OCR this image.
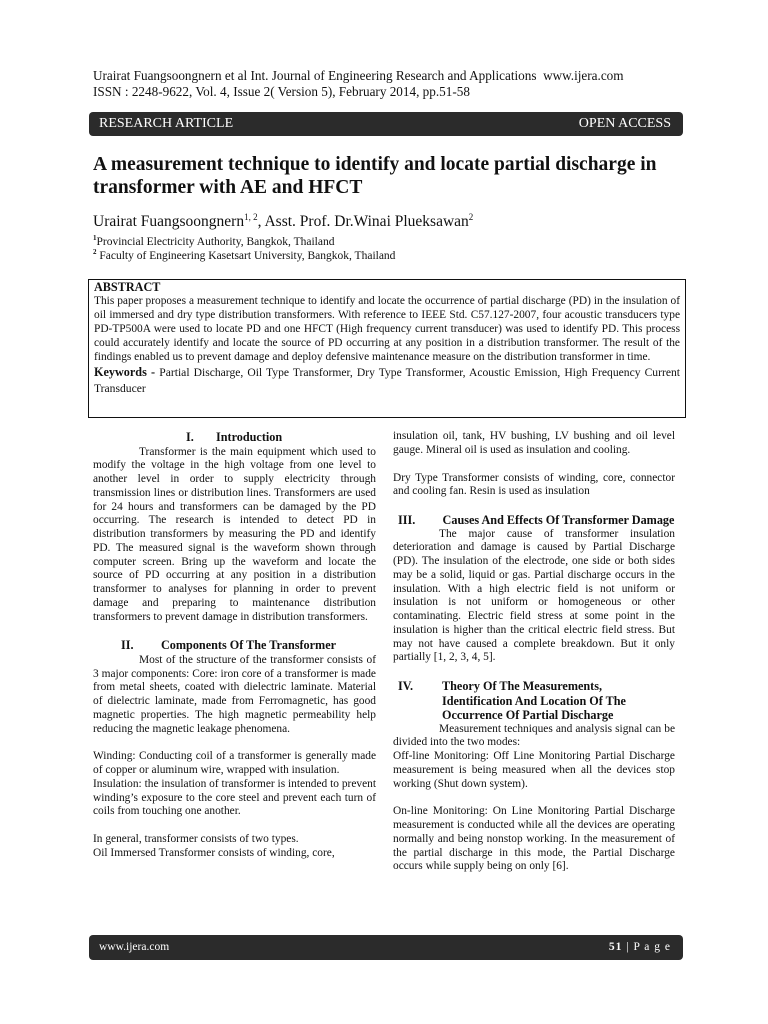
Urairat Fuangsoongnern et al Int. Journal of Engineering Research and Applications www.ijera.com
ISSN : 2248-9622, Vol. 4, Issue 2( Version 5), February 2014, pp.51-58
RESEARCH ARTICLE	OPEN ACCESS
A measurement technique to identify and locate partial discharge in transformer with AE and HFCT
Urairat Fuangsoongnern$^{1, 2}$, Asst. Prof. Dr.Winai Plueksawan$^2$
$^1$Provincial Electricity Authority, Bangkok, Thailand
$^2$ Faculty of Engineering Kasetsart University, Bangkok, Thailand
ABSTRACT

This paper proposes a measurement technique to identify and locate the occurrence of partial discharge (PD) in the insulation of oil immersed and dry type distribution transformers. With reference to IEEE Std. C57.127-2007, four acoustic transducers type PD-TP500A were used to locate PD and one HFCT (High frequency current transducer) was used to identify PD. This process could accurately identify and locate the source of PD occurring at any position in a distribution transformer. The result of the findings enabled us to prevent damage and deploy defensive maintenance measure on the distribution transformer in time.

Keywords - Partial Discharge, Oil Type Transformer, Dry Type Transformer, Acoustic Emission, High Frequency Current Transducer

I.	Introduction

Transformer is the main equipment which used to modify the voltage in the high voltage from one level to another level in order to supply electricity through transmission lines or distribution lines. Transformers are used for 24 hours and transformers can be damaged by the PD occurring. The research is intended to detect PD in distribution transformers by measuring the PD and identify PD. The measured signal is the waveform shown through computer screen. Bring up the waveform and locate the source of PD occurring at any position in a distribution transformer to analyses for planning in order to prevent damage and preparing to maintenance distribution transformers to prevent damage in distribution transformers.

II.	Components Of The Transformer

Most of the structure of the transformer consists of 3 major components: Core: iron core of a transformer is made from metal sheets, coated with dielectric laminate. Material of dielectric laminate, made from Ferromagnetic, has good magnetic properties. The high magnetic permeability help reducing the magnetic leakage phenomena.

Winding: Conducting coil of a transformer is generally made of copper or aluminum wire, wrapped with insulation.

Insulation: the insulation of transformer is intended to prevent winding’s exposure to the core steel and prevent each turn of coils from touching one another.

In general, transformer consists of two types.

Oil Immersed Transformer consists of winding, core,

insulation oil, tank, HV bushing, LV bushing and oil level gauge. Mineral oil is used as insulation and cooling.

Dry Type Transformer consists of winding, core, connector and cooling fan. Resin is used as insulation

III.	Causes And Effects Of Transformer Damage

The major cause of transformer insulation deterioration and damage is caused by Partial Discharge (PD). The insulation of the electrode, one side or both sides may be a solid, liquid or gas. Partial discharge occurs in the insulation. With a high electric field is not uniform or insulation is not uniform or homogeneous or other contaminating. Electric field stress at some point in the insulation is higher than the critical electric field stress. But may not have caused a complete breakdown. But it only partially [1, 2, 3, 4, 5].

IV.	Theory Of The Measurements, Identification And Location Of The Occurrence Of Partial Discharge

Measurement techniques and analysis signal can be divided into the two modes:

Off-line Monitoring: Off Line Monitoring Partial Discharge measurement is being measured when all the devices stop working (Shut down system).

On-line Monitoring: On Line Monitoring Partial Discharge measurement is conducted while all the devices are operating normally and being nonstop working. In the measurement of the partial discharge in this mode, the Partial Discharge occurs while supply being on only [6].

www.ijera.com	51 | P a g e
